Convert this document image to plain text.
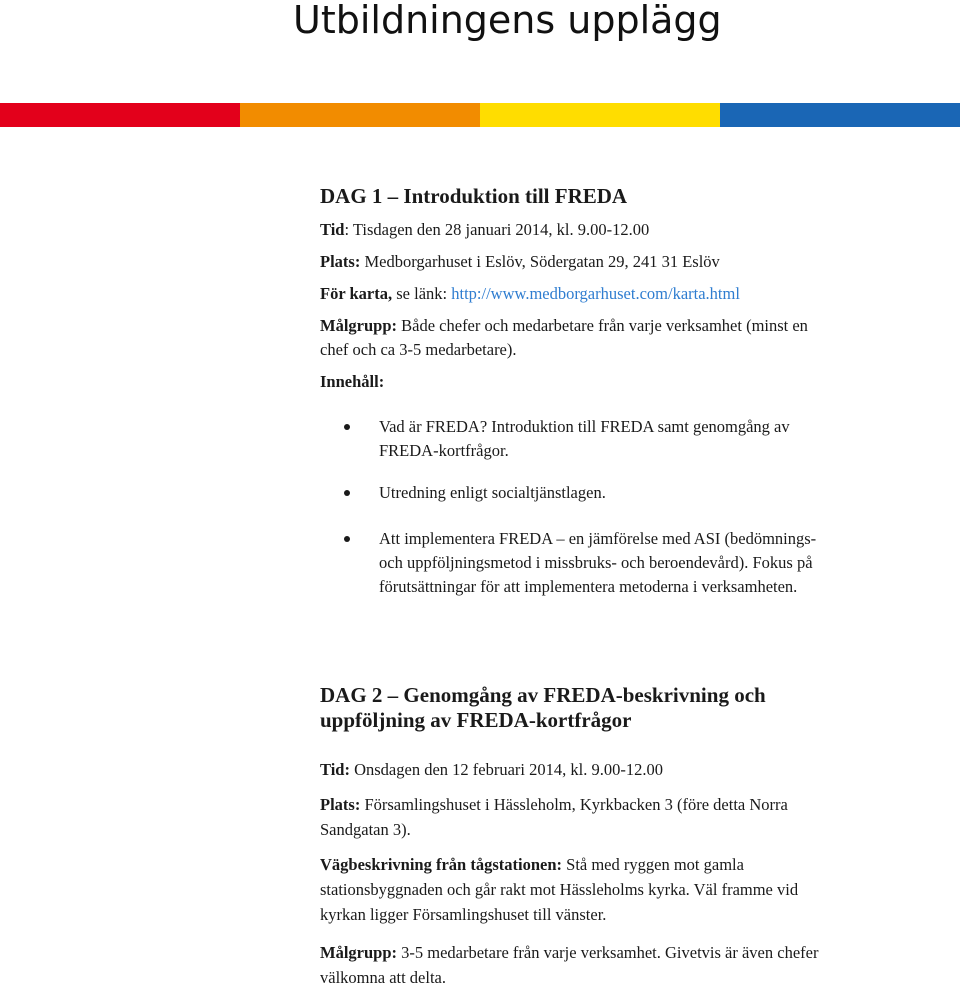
Utbildningens upplägg
DAG 1 – Introduktion till FREDA
Tid: Tisdagen den 28 januari 2014, kl. 9.00-12.00
Plats: Medborgarhuset i Eslöv, Södergatan 29, 241 31 Eslöv
För karta, se länk: http://www.medborgarhuset.com/karta.html
Målgrupp: Både chefer och medarbetare från varje verksamhet (minst en
chef och ca 3-5 medarbetare).
Innehåll:
Vad är FREDA? Introduktion till FREDA samt genomgång av
FREDA-kortfrågor.
Utredning enligt socialtjänstlagen.
Att implementera FREDA – en jämförelse med ASI (bedömnings-
och uppföljningsmetod i missbruks- och beroendevård). Fokus på
förutsättningar för att implementera metoderna i verksamheten.
DAG 2 – Genomgång av FREDA-beskrivning och
uppföljning av FREDA-kortfrågor
Tid: Onsdagen den 12 februari 2014, kl. 9.00-12.00
Plats: Församlingshuset i Hässleholm, Kyrkbacken 3 (före detta Norra
Sandgatan 3).
Vägbeskrivning från tågstationen: Stå med ryggen mot gamla
stationsbyggnaden och går rakt mot Hässleholms kyrka. Väl framme vid
kyrkan ligger Församlingshuset till vänster.
Målgrupp: 3-5 medarbetare från varje verksamhet. Givetvis är även chefer
välkomna att delta.
